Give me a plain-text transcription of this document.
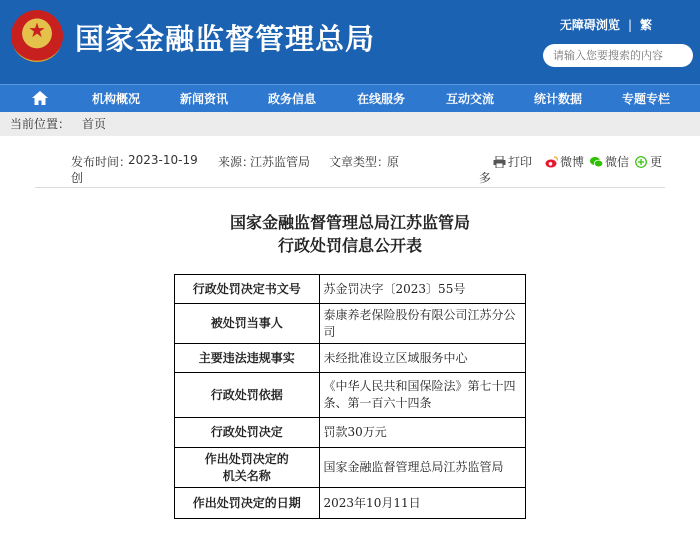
★	国家金融监督管理总局	无障碍浏览 | 繁
请输入您要搜索的内容
机构概况	新闻资讯	政务信息	在线服务	互动交流	统计数据	专题专栏
当前位置： 首页
发布时间：
2023-10-19
创
来源：
江苏监管局 文章类型：
原	打印	微博	微信	更
多
国家金融监督管理总局江苏监管局
行政处罚信息公开表
行政处罚决定书文号	苏金罚决字〔2023〕55号
被处罚当事人	泰康养老保险股份有限公司江苏分公司
主要违法违规事实	未经批准设立区域服务中心
行政处罚依据	《中华人民共和国保险法》第七十四条、第一百六十四条
行政处罚决定	罚款30万元
作出处罚决定的
机关名称	国家金融监督管理总局江苏监管局
作出处罚决定的日期	2023年10月11日
